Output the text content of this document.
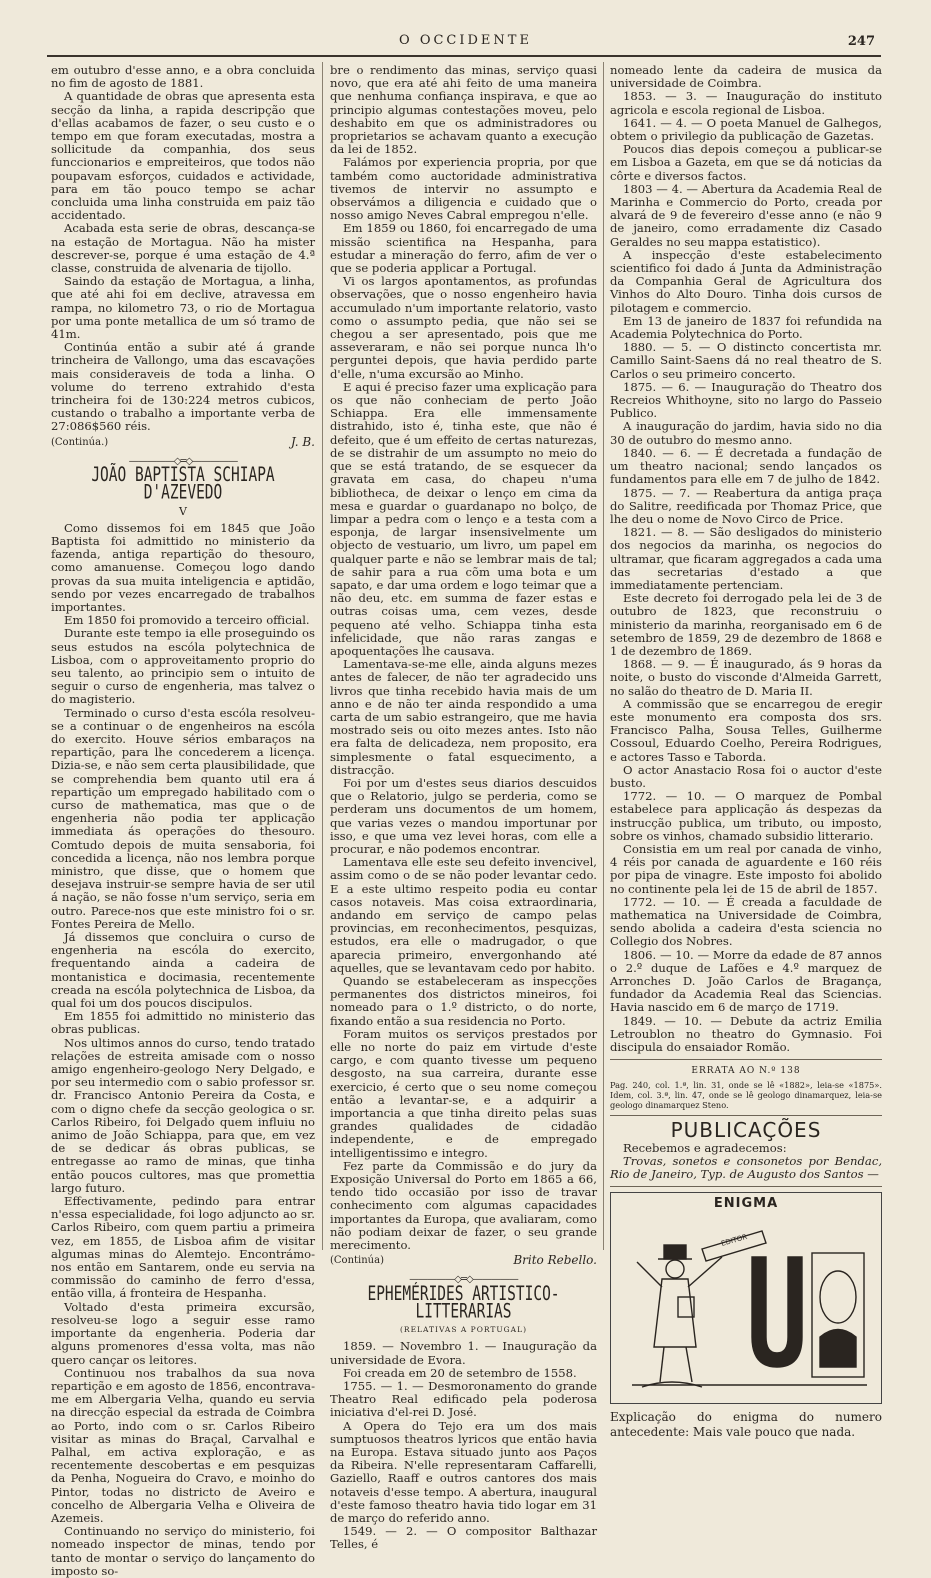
O OCCIDENTE	247

em outubro d'esse anno, e a obra concluida no fim de agosto de 1881.

A quantidade de obras que apresenta esta secção da linha, a rapida descripção que d'ellas acabamos de fazer, o seu custo e o tempo em que foram executadas, mostra a sollicitude da companhia, dos seus funccionarios e empreiteiros, que todos não poupavam esforços, cuidados e actividade, para em tão pouco tempo se achar concluida uma linha construida em paiz tão accidentado.

Acabada esta serie de obras, descança-se na estação de Mortagua. Não ha mister descrever-se, porque é uma estação de 4.ª classe, construida de alvenaria de tijollo.

Saindo da estação de Mortagua, a linha, que até ahi foi em declive, atravessa em rampa, no kilometro 73, o rio de Mortagua por uma ponte metallica de um só tramo de 41m.

Continúa então a subir até á grande trincheira de Vallongo, uma das escavações mais consideraveis de toda a linha. O volume do terreno extrahido d'esta trincheira foi de 130:224 metros cubicos, custando o trabalho a importante verba de 27:086$560 réis.

(Continúa.)	J. B.
—————◇═◇—————
JOÃO BAPTISTA SCHIAPA D'AZEVEDO
V

Como dissemos foi em 1845 que João Baptista foi admittido no ministerio da fazenda, antiga repartição do thesouro, como amanuense. Começou logo dando provas da sua muita inteligencia e aptidão, sendo por vezes encarregado de trabalhos importantes.

Em 1850 foi promovido a terceiro official.

Durante este tempo ia elle proseguindo os seus estudos na escóla polytechnica de Lisboa, com o approveitamento proprio do seu talento, ao principio sem o intuito de seguir o curso de engenheria, mas talvez o do magisterio.

Terminado o curso d'esta escóla resolveu-se a continuar o de engenheiros na escóla do exercito. Houve sérios embaraços na repartição, para lhe concederem a licença. Dizia-se, e não sem certa plausibilidade, que se comprehendia bem quanto util era á repartição um empregado habilitado com o curso de mathematica, mas que o de engenheria não podia ter applicação immediata ás operações do thesouro. Comtudo depois de muita sensaboria, foi concedida a licença, não nos lembra porque ministro, que disse, que o homem que desejava instruir-se sempre havia de ser util á nação, se não fosse n'um serviço, seria em outro. Parece-nos que este ministro foi o sr. Fontes Pereira de Mello.

Já dissemos que concluira o curso de engenheria na escóla do exercito, frequentando ainda a cadeira de montanistica e docimasia, recentemente creada na escóla polytechnica de Lisboa, da qual foi um dos poucos discipulos.

Em 1855 foi admittido no ministerio das obras publicas.

Nos ultimos annos do curso, tendo tratado relações de estreita amisade com o nosso amigo engenheiro-geologo Nery Delgado, e por seu intermedio com o sabio professor sr. dr. Francisco Antonio Pereira da Costa, e com o digno chefe da secção geologica o sr. Carlos Ribeiro, foi Delgado quem influiu no animo de João Schiappa, para que, em vez de se dedicar ás obras publicas, se entregasse ao ramo de minas, que tinha então poucos cultores, mas que promettia largo futuro.

Effectivamente, pedindo para entrar n'essa especialidade, foi logo adjuncto ao sr. Carlos Ribeiro, com quem partiu a primeira vez, em 1855, de Lisboa afim de visitar algumas minas do Alemtejo. Encontrámo-nos então em Santarem, onde eu servia na commissão do caminho de ferro d'essa, então villa, á fronteira de Hespanha.

Voltado d'esta primeira excursão, resolveu-se logo a seguir esse ramo importante da engenheria. Poderia dar alguns promenores d'essa volta, mas não quero cançar os leitores.

Continuou nos trabalhos da sua nova repartição e em agosto de 1856, encontrava-me em Albergaria Velha, quando eu servia na direcção especial da estrada de Coimbra ao Porto, indo com o sr. Carlos Ribeiro visitar as minas do Braçal, Carvalhal e Palhal, em activa exploração, e as recentemente descobertas e em pesquizas da Penha, Nogueira do Cravo, e moinho do Pintor, todas no districto de Aveiro e concelho de Albergaria Velha e Oliveira de Azemeis.

Continuando no serviço do ministerio, foi nomeado inspector de minas, tendo por tanto de montar o serviço do lançamento do imposto so-

bre o rendimento das minas, serviço quasi novo, que era até ahi feito de uma maneira que nenhuma confiança inspirava, e que ao principio algumas contestações moveu, pelo deshabito em que os administradores ou proprietarios se achavam quanto a execução da lei de 1852.

Falámos por experiencia propria, por que também como auctoridade administrativa tivemos de intervir no assumpto e observámos a diligencia e cuidado que o nosso amigo Neves Cabral empregou n'elle.

Em 1859 ou 1860, foi encarregado de uma missão scientifica na Hespanha, para estudar a mineração do ferro, afim de ver o que se poderia applicar a Portugal.

Vi os largos apontamentos, as profundas observações, que o nosso engenheiro havia accumulado n'um importante relatorio, vasto como o assumpto pedia, que não sei se chegou a ser apresentado, pois que me asseveraram, e não sei porque nunca lh'o perguntei depois, que havia perdido parte d'elle, n'uma excursão ao Minho.

E aqui é preciso fazer uma explicação para os que não conheciam de perto João Schiappa. Era elle immensamente distrahido, isto é, tinha este, que não é defeito, que é um effeito de certas naturezas, de se distrahir de um assumpto no meio do que se está tratando, de se esquecer da gravata em casa, do chapeu n'uma bibliotheca, de deixar o lenço em cima da mesa e guardar o guardanapo no bolço, de limpar a pedra com o lenço e a testa com a esponja, de largar insensivelmente um objecto de vestuario, um livro, um papel em qualquer parte e não se lembrar mais de tal; de sahir para a rua cõm uma bota e um sapato, e dar uma ordem e logo teimar que a não deu, etc. em summa de fazer estas e outras coisas uma, cem vezes, desde pequeno até velho. Schiappa tinha esta infelicidade, que não raras zangas e apoquentações lhe causava.

Lamentava-se-me elle, ainda alguns mezes antes de falecer, de não ter agradecido uns livros que tinha recebido havia mais de um anno e de não ter ainda respondido a uma carta de um sabio estrangeiro, que me havia mostrado seis ou oito mezes antes. Isto não era falta de delicadeza, nem proposito, era simplesmente o fatal esquecimento, a distracção.

Foi por um d'estes seus diarios descuidos que o Relatorio, julgo se perderia, como se perderam uns documentos de um homem, que varias vezes o mandou importunar por isso, e que uma vez levei horas, com elle a procurar, e não podemos encontrar.

Lamentava elle este seu defeito invencivel, assim como o de se não poder levantar cedo. E a este ultimo respeito podia eu contar casos notaveis. Mas coisa extraordinaria, andando em serviço de campo pelas provincias, em reconhecimentos, pesquizas, estudos, era elle o madrugador, o que aparecia primeiro, envergonhando até aquelles, que se levantavam cedo por habito.

Quando se estabeleceram as inspecções permanentes dos districtos mineiros, foi nomeado para o 1.º districto, o do norte, fixando então a sua residencia no Porto.

Foram muitos os serviços prestados por elle no norte do paiz em virtude d'este cargo, e com quanto tivesse um pequeno desgosto, na sua carreira, durante esse exercicio, é certo que o seu nome começou então a levantar-se, e a adquirir a importancia a que tinha direito pelas suas grandes qualidades de cidadão independente, e de empregado intelligentissimo e integro.

Fez parte da Commissão e do jury da Exposição Universal do Porto em 1865 a 66, tendo tido occasião por isso de travar conhecimento com algumas capacidades importantes da Europa, que avaliaram, como não podiam deixar de fazer, o seu grande merecimento.

(Continúa)	Brito Rebello.
—————◇═◇—————
EPHEMÉRIDES ARTISTICO-LITTERARIAS
(RELATIVAS A PORTUGAL)

1859. — Novembro 1. — Inauguração da universidade de Evora.

Foi creada em 20 de setembro de 1558.

1755. — 1. — Desmoronamento do grande Theatro Real edificado pela poderosa iniciativa d'el-rei D. José.

A Opera do Tejo era um dos mais sumptuosos theatros lyricos que então havia na Europa. Estava situado junto aos Paços da Ribeira. N'elle representaram Caffarelli, Gaziello, Raaff e outros cantores dos mais notaveis d'esse tempo. A abertura, inaugural d'este famoso theatro havia tido logar em 31 de março do referido anno.

1549. — 2. — O compositor Balthazar Telles, é

nomeado lente da cadeira de musica da universidade de Coimbra.

1853. — 3. — Inauguração do instituto agricola e escola regional de Lisboa.

1641. — 4. — O poeta Manuel de Galhegos, obtem o privilegio da publicação de Gazetas.

Poucos dias depois começou a publicar-se em Lisboa a Gazeta, em que se dá noticias da côrte e diversos factos.

1803 — 4. — Abertura da Academia Real de Marinha e Commercio do Porto, creada por alvará de 9 de fevereiro d'esse anno (e não 9 de janeiro, como erradamente diz Casado Geraldes no seu mappa estatistico).

A inspecção d'este estabelecimento scientifico foi dado á Junta da Administração da Companhia Geral de Agricultura dos Vinhos do Alto Douro. Tinha dois cursos de pilotagem e commercio.

Em 13 de janeiro de 1837 foi refundida na Academia Polytechnica do Porto.

1880. — 5. — O distincto concertista mr. Camillo Saint-Saens dá no real theatro de S. Carlos o seu primeiro concerto.

1875. — 6. — Inauguração do Theatro dos Recreios Whithoyne, sito no largo do Passeio Publico.

A inauguração do jardim, havia sido no dia 30 de outubro do mesmo anno.

1840. — 6. — É decretada a fundação de um theatro nacional; sendo lançados os fundamentos para elle em 7 de julho de 1842.

1875. — 7. — Reabertura da antiga praça do Salitre, reedificada por Thomaz Price, que lhe deu o nome de Novo Circo de Price.

1821. — 8. — São desligados do ministerio dos negocios da marinha, os negocios do ultramar, que ficaram aggregados a cada uma das secretarias d'estado a que immediatamente pertenciam.

Este decreto foi derrogado pela lei de 3 de outubro de 1823, que reconstruiu o ministerio da marinha, reorganisado em 6 de setembro de 1859, 29 de dezembro de 1868 e 1 de dezembro de 1869.

1868. — 9. — É inaugurado, ás 9 horas da noite, o busto do visconde d'Almeida Garrett, no salão do theatro de D. Maria II.

A commissão que se encarregou de eregir este monumento era composta dos srs. Francisco Palha, Sousa Telles, Guilherme Cossoul, Eduardo Coelho, Pereira Rodrigues, e actores Tasso e Taborda.

O actor Anastacio Rosa foi o auctor d'este busto.

1772. — 10. — O marquez de Pombal estabelece para applicação ás despezas da instrucção publica, um tributo, ou imposto, sobre os vinhos, chamado subsidio litterario.

Consistia em um real por canada de vinho, 4 réis por canada de aguardente e 160 réis por pipa de vinagre. Este imposto foi abolido no continente pela lei de 15 de abril de 1857.

1772. — 10. — É creada a faculdade de mathematica na Universidade de Coimbra, sendo abolida a cadeira d'esta sciencia no Collegio dos Nobres.

1806. — 10. — Morre da edade de 87 annos o 2.º duque de Lafões e 4.º marquez de Arronches D. João Carlos de Bragança, fundador da Academia Real das Sciencias. Havia nascido em 6 de março de 1719.

1849. — 10. — Debute da actriz Emilia Letroublon no theatro do Gymnasio. Foi discipula do ensaiador Romão.

ERRATA AO N.º 138
Pag. 240, col. 1.ª, lin. 31, onde se lê «1882», leia-se «1875». Idem, col. 3.ª, lin. 47, onde se lê geologo dinamarquez, leia-se geologo dinamarquez Steno.
PUBLICAÇÕES

Recebemos e agradecemos:

Trovas, sonetos e consonetos por Bendac, Rio de Janeiro, Typ. de Augusto dos Santos —

ENIGMA
EDITOR
Explicação do enigma do numero antecedente: Mais vale pouco que nada.
